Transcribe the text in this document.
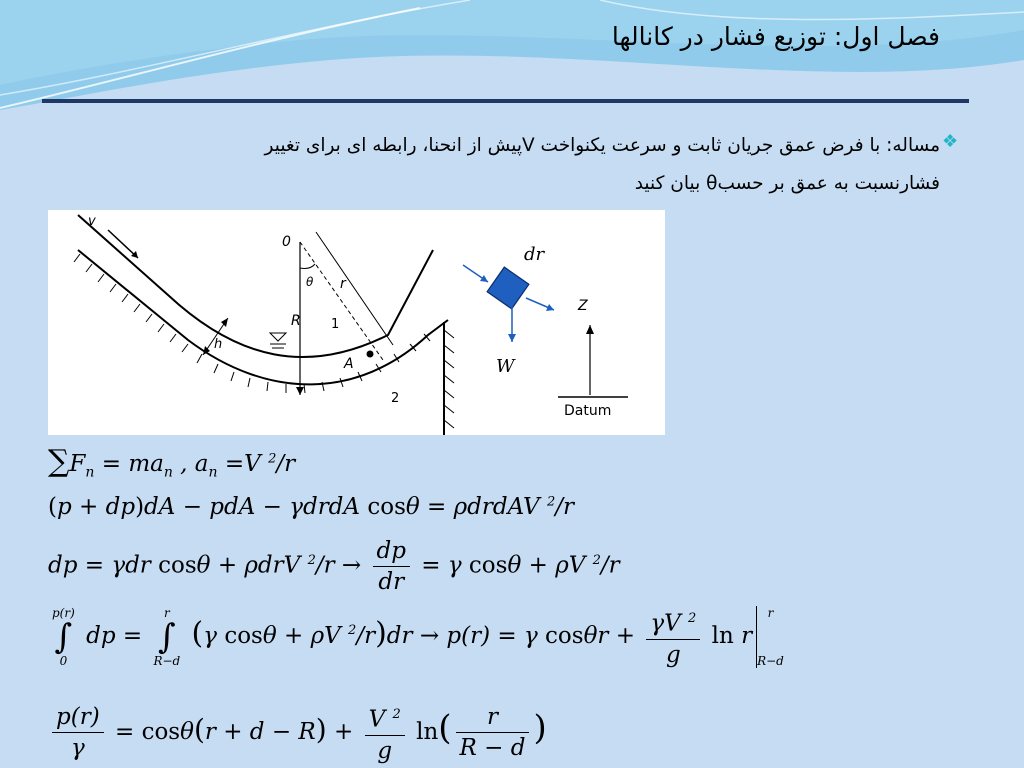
فصل اول: توزیع فشار در کانالها
❖
مساله: با فرض عمق جریان ثابت و سرعت یکنواخت Vپیش از انحنا، رابطه ای برای تغییر
فشارنسبت به عمق بر حسبθ بیان کنید
v
0
θ r
R 1
A
h
2
dr
W
Z
Datum
$\sum F_n = ma_n$ , $a_n =V$ $^2$/r
(p + dp)dA − pdA − γdrdA cosθ = ρdrdAV $^2$/r
dp = γdr cosθ + ρdrV $^2/r \to \frac{dp}{dr} = \gamma$ cosθ + ρV $^2$/r
p(r)
∫
0
dp =
r
∫
R−d
(γ cosθ + ρV $^2$/r)dr → p(r) = γ $\cos\theta r + \frac{\gamma V ^2}{g}$ ln r
r

R−d
$\frac{p(r)}{\gamma} = \cos\theta(r + d - R) + \frac{V ^2}{g} \ln( \frac{r}{R - d}$ )
